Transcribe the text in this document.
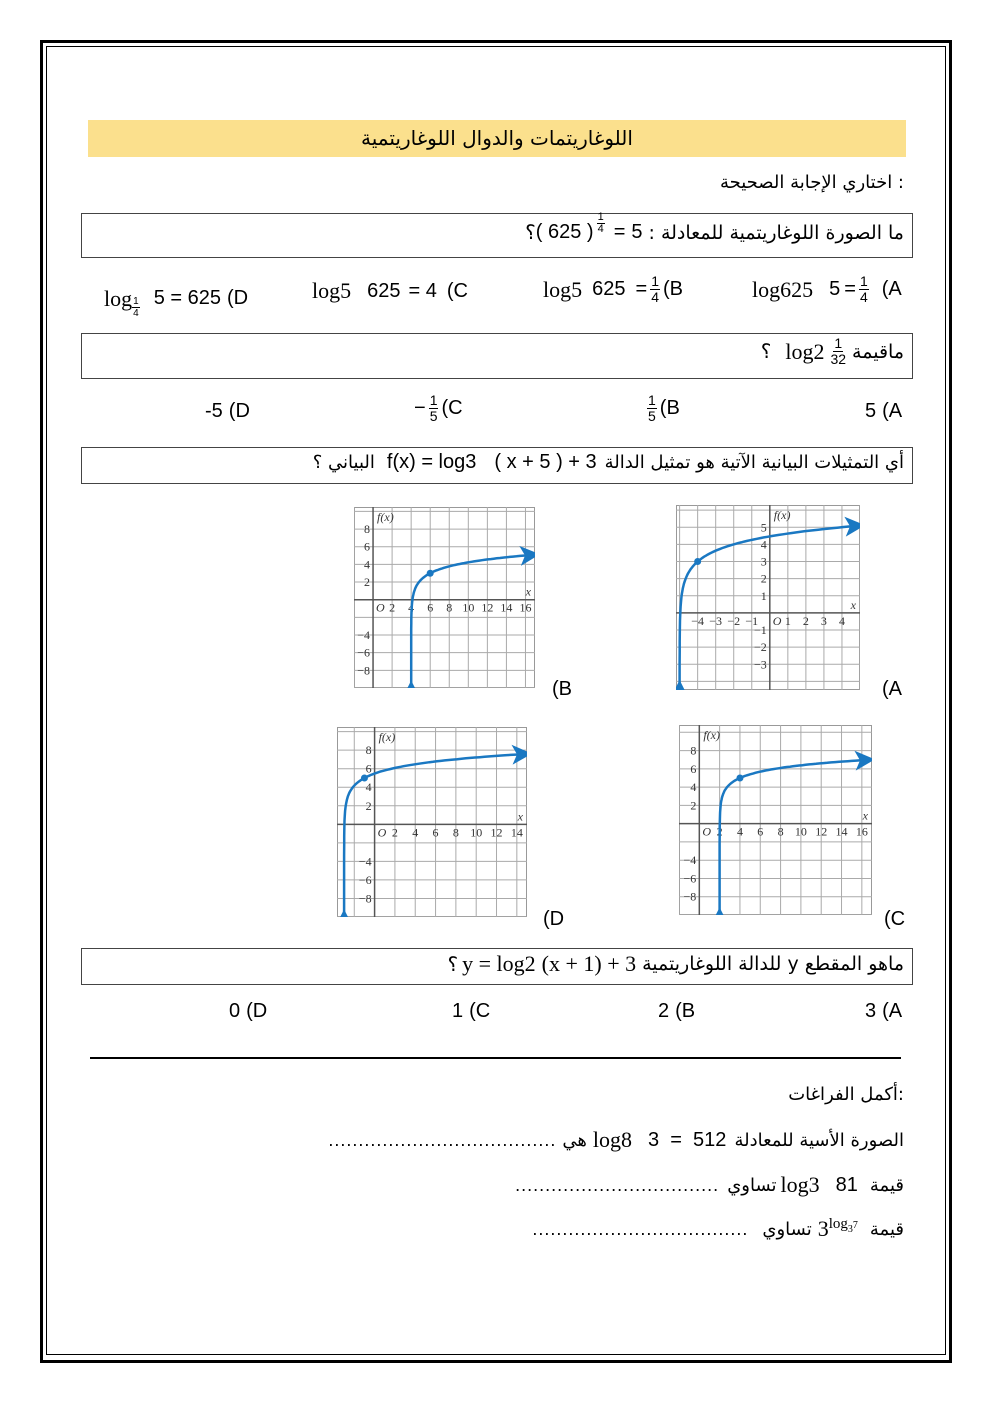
اللوغاريتمات والدوال اللوغاريتمية
اختاري الإجابة الصحيحة :
؟ ( 625 ) $\frac{1}{4} = 5$ ما الصورة اللوغاريتمية للمعادلة :
log 625 $5 = \frac{1}{4} (A$
log 5 $625 = \frac{1}{4} (B$
log 5 625 = 4 (C
$\log \frac{1}{4} 5 = 625$ (D
؟ $\log 2 \frac{1}{32}$ ماقيمة
5 (A
$\frac{1}{5} (B$
− $\frac{1}{5} (C$
-5 (D
البياني ؟ f(x) = log 3 ( x + 5 ) + 3 أي التمثيلات البيانية الآتية هو تمثيل الدالة
−4 −3 −2 −1 1 2 3 4
5
4
3
2
1
−1
−2
−3
O
x
f(x)
(A
2 4 6 8 10 12 14 16
8
6
4
2
−4
−6
−8
O
x
f(x)
(B
2 4 6 8 10 12 14 16
8
6
4
2
−4
−6
−8
O
x
f(x)
(C
2 4 6 8 10 12 14
8
6
4
2
−4
−6
−8
O
x
f(x)
(D
؟ y = log 2 (x + 1) + 3 ماهو المقطع y للدالة اللوغاريتمية
3 (A
2 (B
1 (C
0 (D
أكمل الفراغات:
...................................... هي log 8 3  =  512 الصورة الأسية للمعادلة
.................................. تساوي log 3 81 قيمة
.................................... تساوي 3 $\log_37$ قيمة
